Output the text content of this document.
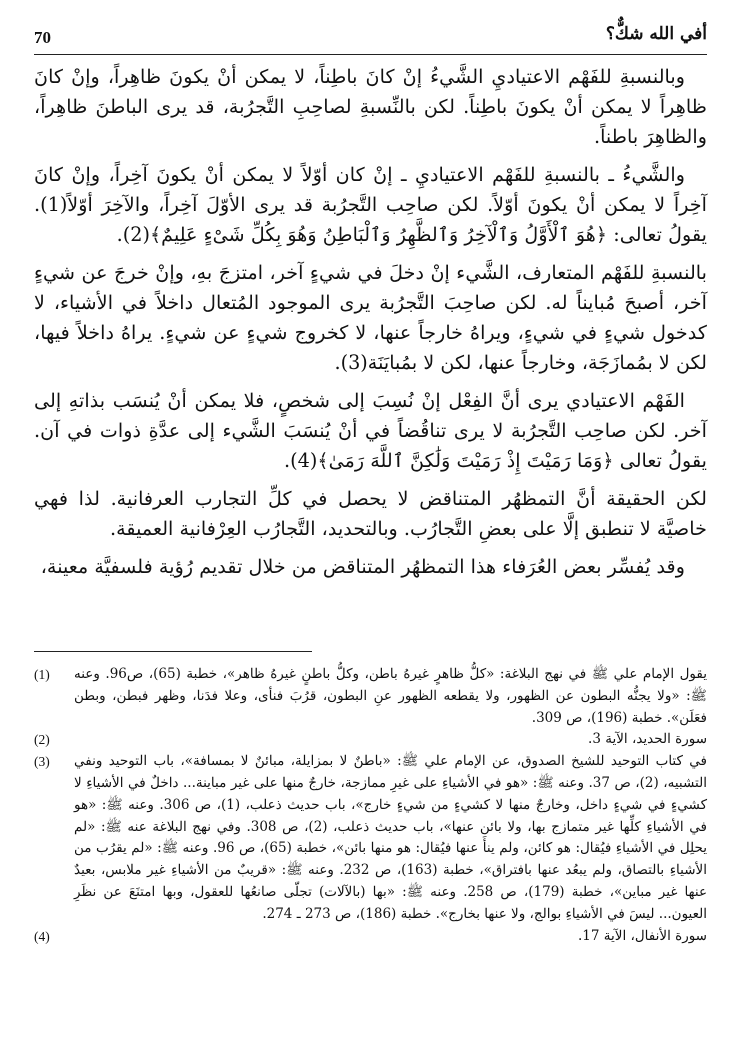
70	أفي الله شكٌّ؟

وبالنسبةِ للفَهْم الاعتياديِ الشَّيءُ إنْ كانَ باطِناً، لا يمكن أنْ يكونَ ظاهِراً، وإنْ كانَ ظاهِراً لا يمكن أنْ يكونَ باطِناً. لكن بالنِّسبةِ لصاحِبِ التَّجرُبة، قد يرى الباطنَ ظاهِراً، والظاهِرَ باطناً.

والشَّيءُ ـ بالنسبةِ للفَهْم الاعتياديِ ـ إنْ كان أوّلاً لا يمكن أنْ يكونَ آخِراً، وإنْ كانَ آخِراً لا يمكن أنْ يكونَ أوّلاً. لكن صاحِب التَّجرُبة قد يرى الأوّلَ آخِراً، والآخِرَ أوّلاً(1). يقولُ تعالى: ﴿هُوَ ٱلْأَوَّلُ وَٱلْآخِرُ وَٱلظَّهِرُ وَٱلْبَاطِنُ وَهُوَ بِكُلِّ شَىْءٍ عَلِيمٌ﴾(2).

بالنسبةِ للفَهْم المتعارف، الشَّيء إنْ دخلَ في شيءٍ آخر، امتزجَ بهِ، وإنْ خرجَ عن شيءٍ آخر، أصبحَ مُبايناً له. لكن صاحِبَ التَّجرُبة يرى الموجود المُتعال داخلاً في الأشياء، لا كدخول شيءٍ في شيءٍ، ويراهُ خارجاً عنها، لا كخروج شيءٍ عن شيءٍ. يراهُ داخلاً فيها، لكن لا بمُمازَجَة، وخارجاً عنها، لكن لا بمُبايَنَة(3).

الفَهْم الاعتيادي يرى أنَّ الفِعْل إنْ نُسِبَ إلى شخصٍ، فلا يمكن أنْ يُنسَب بذاتهِ إلى آخر. لكن صاحِب التَّجرُبة لا يرى تناقُضاً في أنْ يُنسَبَ الشَّيء إلى عدَّةِ ذوات في آن. يقولُ تعالى ﴿وَمَا رَمَيْتَ إِذْ رَمَيْتَ وَلَٰكِنَّ ٱللَّهَ رَمَىٰ﴾(4).

لكن الحقيقة أنَّ التمظهُر المتناقض لا يحصل في كلِّ التجارب العرفانية. لذا فهي خاصيَّة لا تنطبق إلَّا على بعضِ التَّجارُب. وبالتحديد، التَّجارُب العِرْفانية العميقة.

وقد يُفسِّر بعض العُرَفاء هذا التمظهُر المتناقض من خلال تقديم رُؤية فلسفيَّة معينة،

(1)	يقول الإمام علي ﷺ في نهج البلاغة: «كلُّ ظاهرٍ غيرهُ باطن، وكلُّ باطنٍ غيرهُ ظاهر»، خطبة (65)، ص96. وعنه ﷺ: «ولا يجنُّه البطون عن الظهور، ولا يقطعه الظهور عنِ البطون، قرُبَ فنأى، وعلا فدَنا، وظهر فبطن، وبطن فعَلَن». خطبة (196)، ص 309.
(2)	سورة الحديد، الآية 3.
(3)	في كتاب التوحيد للشيخ الصدوق، عن الإمام علي ﷺ: «باطنٌ لا بمزايلة، مبائنٌ لا بمسافة»، باب التوحيد ونفي التشبيه، (2)، ص 37. وعنه ﷺ: «هو في الأشياءِ على غيرِ ممازجة، خارجٌ منها على غير مباينة... داخلٌ في الأشياءِ لا كشيءٍ في شيءٍ داخل، وخارجٌ منها لا كشيءٍ من شيءٍ خارج»، باب حديث ذعلب، (1)، ص 306. وعنه ﷺ: «هو في الأشياءِ كلِّها غير متمازج بها، ولا بائن عنها»، باب حديث ذعلب، (2)، ص 308. وفي نهج البلاغة عنه ﷺ: «لم يحلِل في الأشياءِ فيُقال: هو كائن، ولم ينأَ عنها فيُقال: هو منها بائن»، خطبة (65)، ص 96. وعنه ﷺ: «لم يقرُب من الأشياءِ بالتصاق، ولم يبعُد عنها بافتراق»، خطبة (163)، ص 232. وعنه ﷺ: «قريبٌ من الأشياءِ غير ملابس، بعيدٌ عنها غير مباين»، خطبة (179)، ص 258. وعنه ﷺ: «بها (بالآلات) تجلّى صانعُها للعقول، وبها امتنَعَ عن نظَرِ العيون... ليسَ في الأشياءِ بوالج، ولا عنها بخارج». خطبة (186)، ص 273 ـ 274.
(4)	سورة الأنفال، الآية 17.
